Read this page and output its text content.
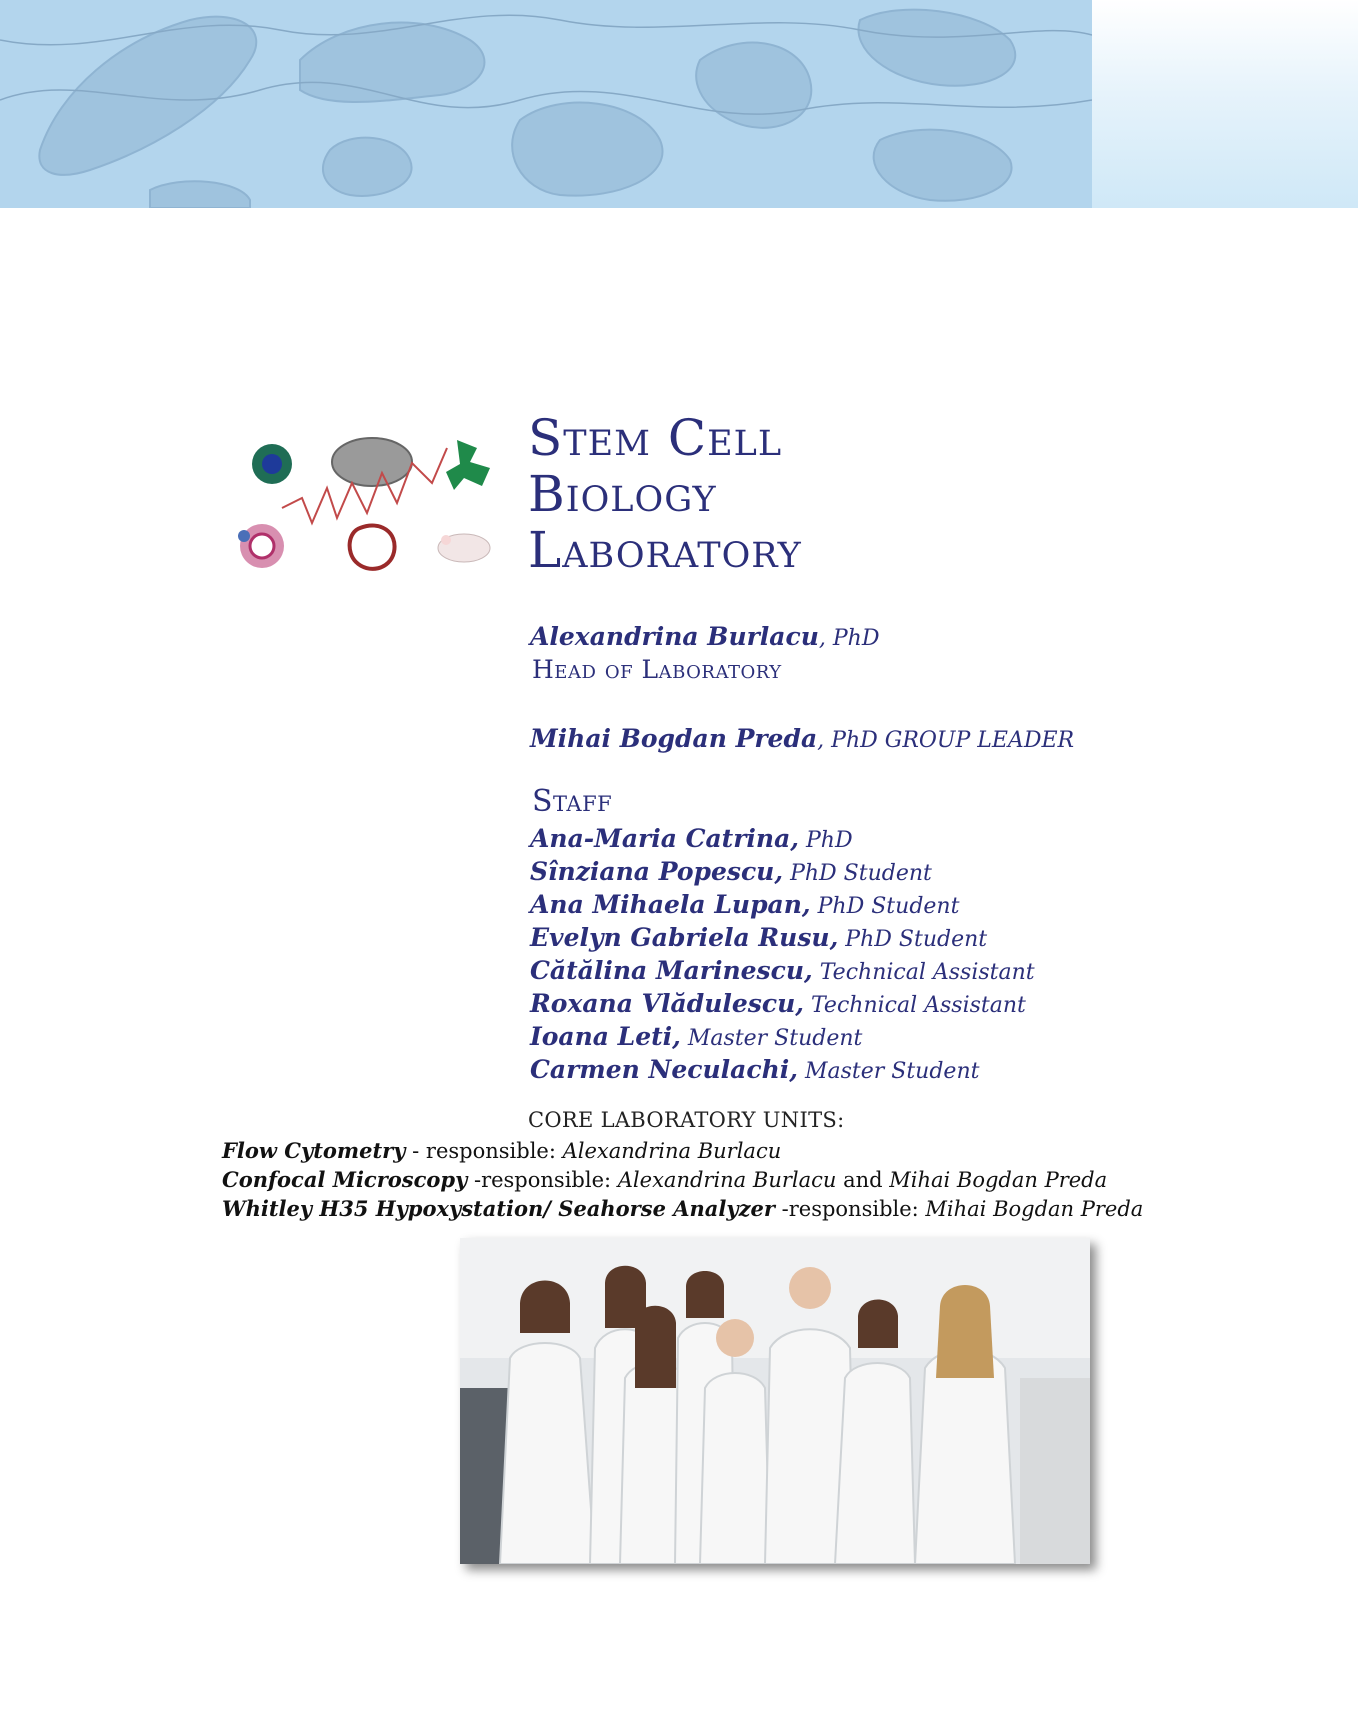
Stem Cell
Biology
Laboratory
Alexandrina Burlacu, PhD
Head of Laboratory
Mihai Bogdan Preda, PhD GROUP LEADER
Staff
Ana-Maria Catrina, PhD
Sînziana Popescu, PhD Student
Ana Mihaela Lupan, PhD Student
Evelyn Gabriela Rusu, PhD Student
Cătălina Marinescu, Technical Assistant
Roxana Vlădulescu, Technical Assistant
Ioana Leti, Master Student
Carmen Neculachi, Master Student
CORE LABORATORY UNITS:
Flow Cytometry - responsible: Alexandrina Burlacu
Confocal Microscopy -responsible: Alexandrina Burlacu and Mihai Bogdan Preda
Whitley H35 Hypoxystation/ Seahorse Analyzer -responsible: Mihai Bogdan Preda
